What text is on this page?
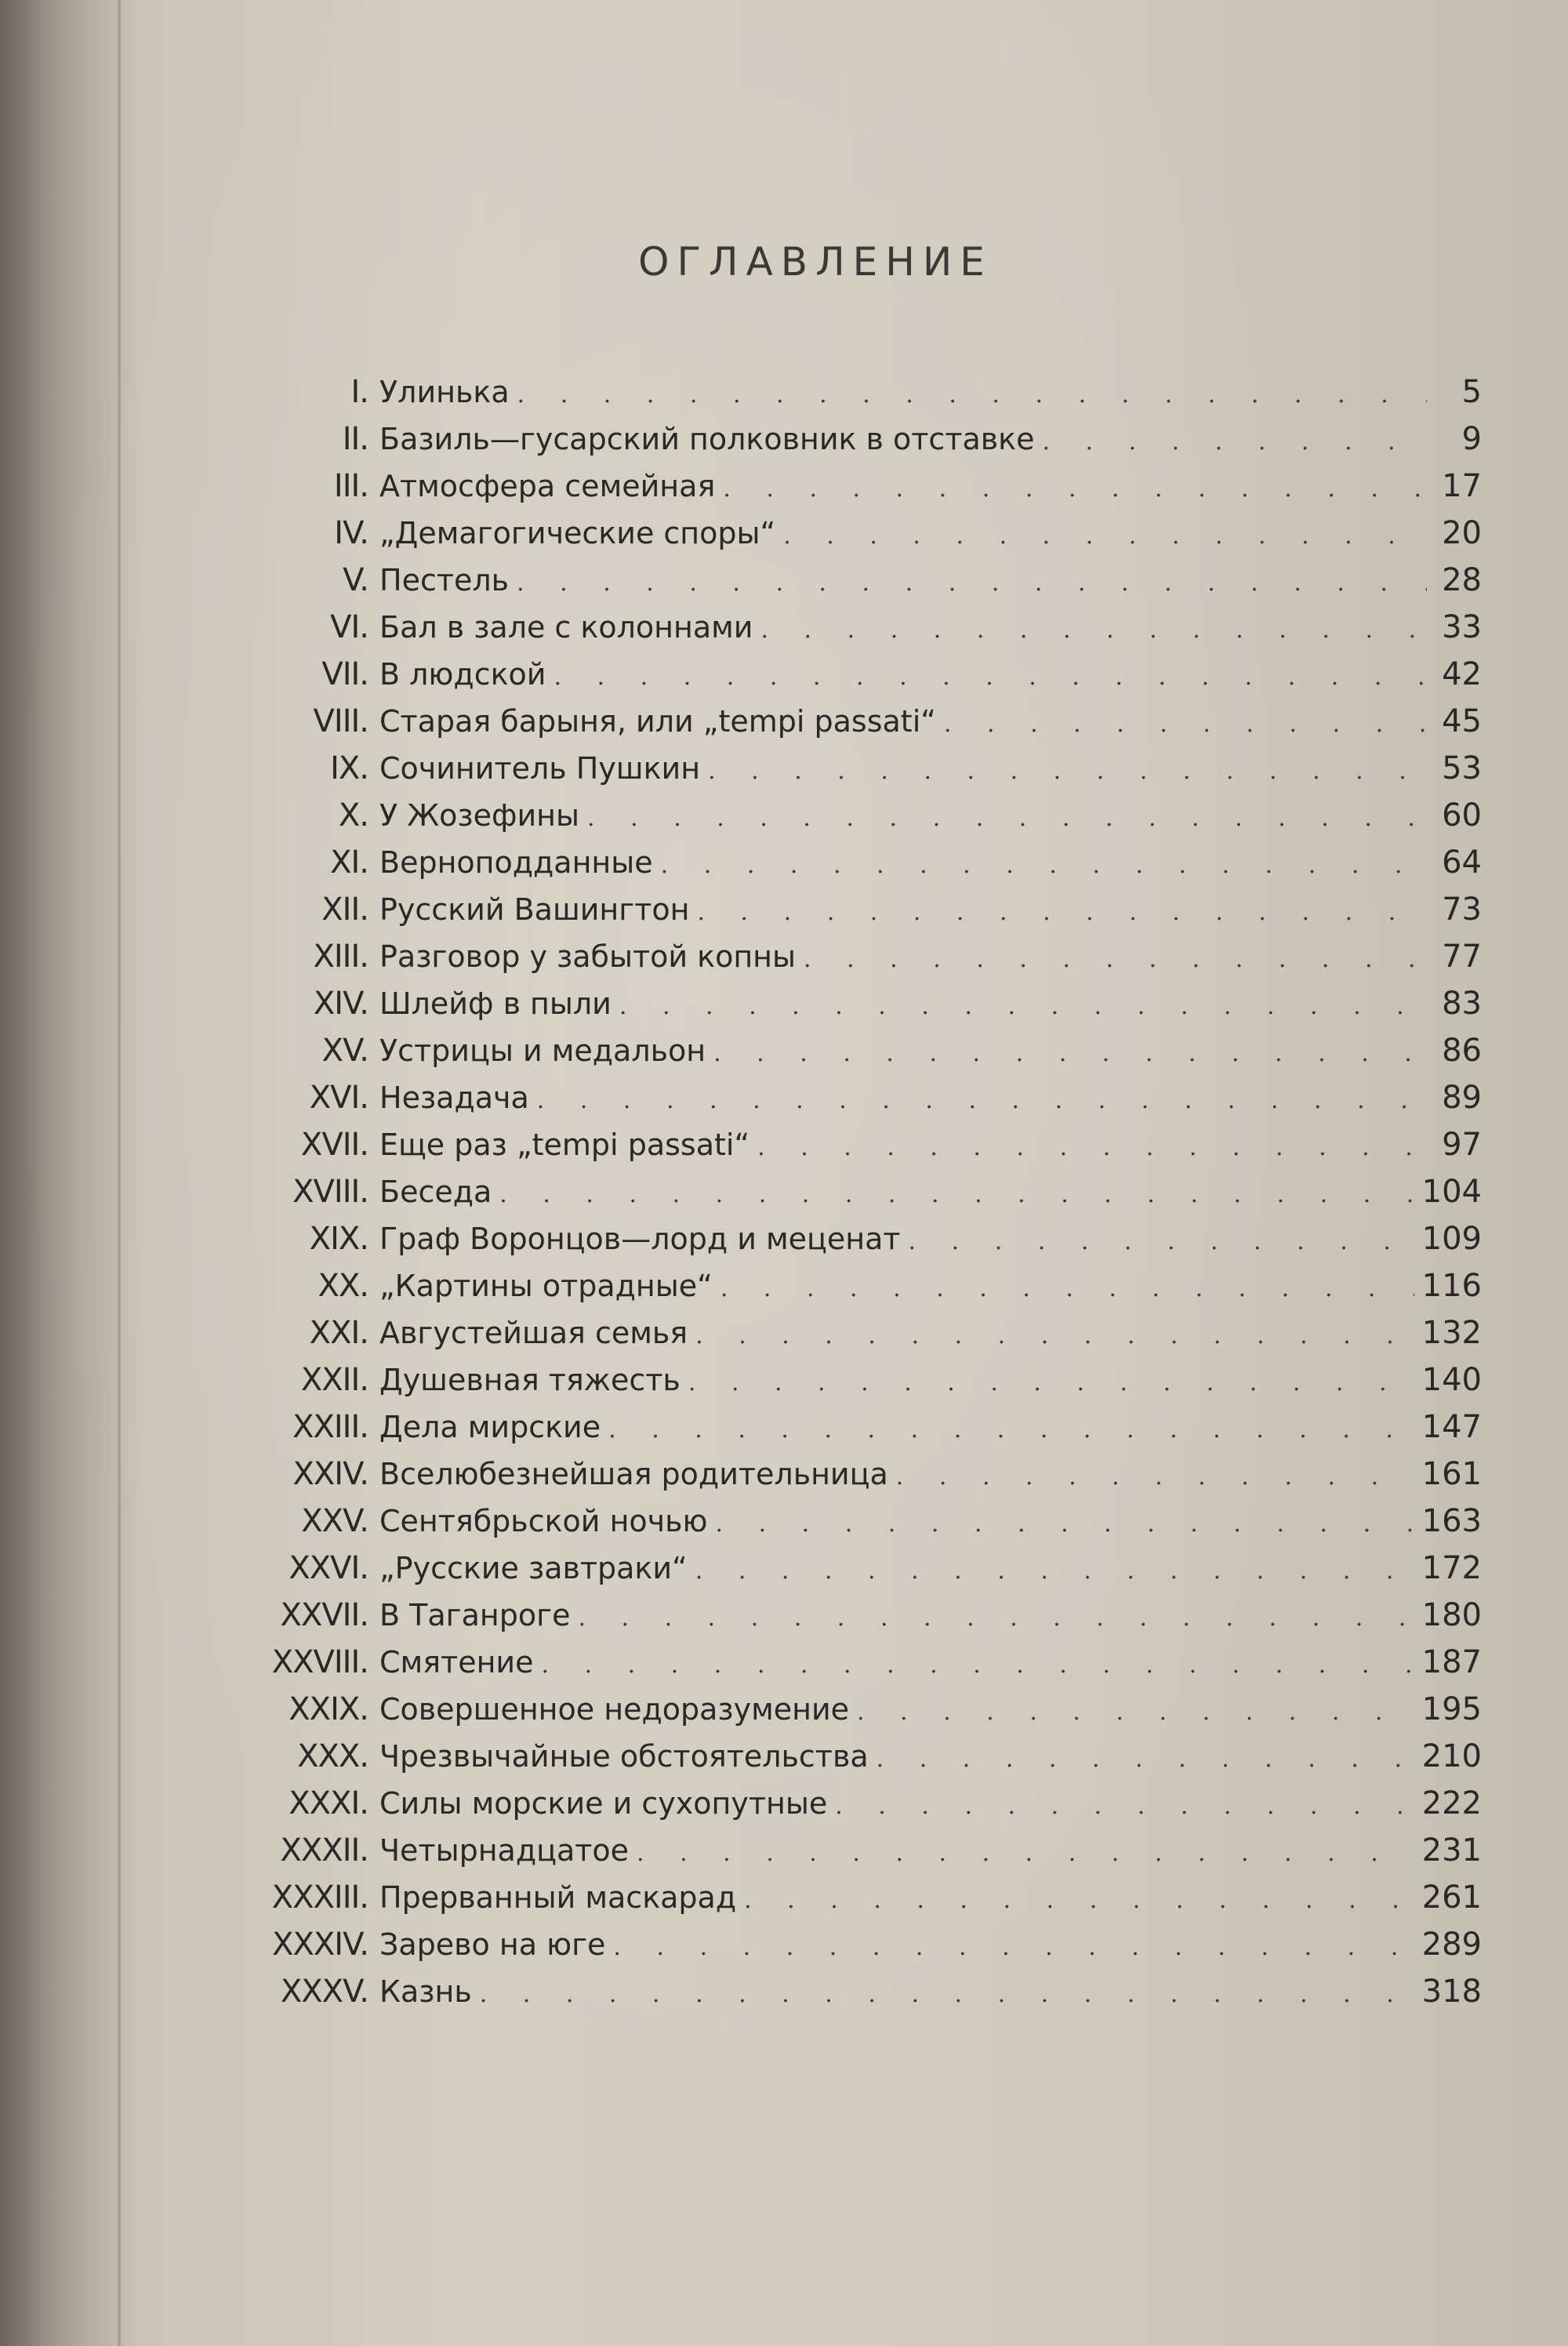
ОГЛАВЛЕНИЕ
I. Улинька . . .	5
II. Базиль—гусарский полковник в отставке . . .	9
III. Атмосфера семейная . . .	17
IV. „Демагогические споры“ . . .	20
V. Пестель . . .	28
VI. Бал в зале с колоннами . . .	33
VII. В людской . . .	42
VIII. Старая барыня, или „tempi passati“ . . .	45
IX. Сочинитель Пушкин . . .	53
X. У Жозефины . . .	60
XI. Верноподданные . . .	64
XII. Русский Вашингтон . . .	73
XIII. Разговор у забытой копны . . .	77
XIV. Шлейф в пыли . . .	83
XV. Устрицы и медальон . . .	86
XVI. Незадача . . .	89
XVII. Еще раз „tempi passati“ . . .	97
XVIII. Беседа . . .	104
XIX. Граф Воронцов—лорд и меценат . . .	109
XX. „Картины отрадные“ . . .	116
XXI. Августейшая семья . . .	132
XXII. Душевная тяжесть . . .	140
XXIII. Дела мирские . . .	147
XXIV. Вселюбезнейшая родительница . . .	161
XXV. Сентябрьской ночью . . .	163
XXVI. „Русские завтраки“ . . .	172
XXVII. В Таганроге . . .	180
XXVIII. Смятение . . .	187
XXIX. Совершенное недоразумение . . .	195
XXX. Чрезвычайные обстоятельства . . .	210
XXXI. Силы морские и сухопутные . . .	222
XXXII. Четырнадцатое . . .	231
XXXIII. Прерванный маскарад . . .	261
XXXIV. Зарево на юге . . .	289
XXXV. Казнь . . .	318
